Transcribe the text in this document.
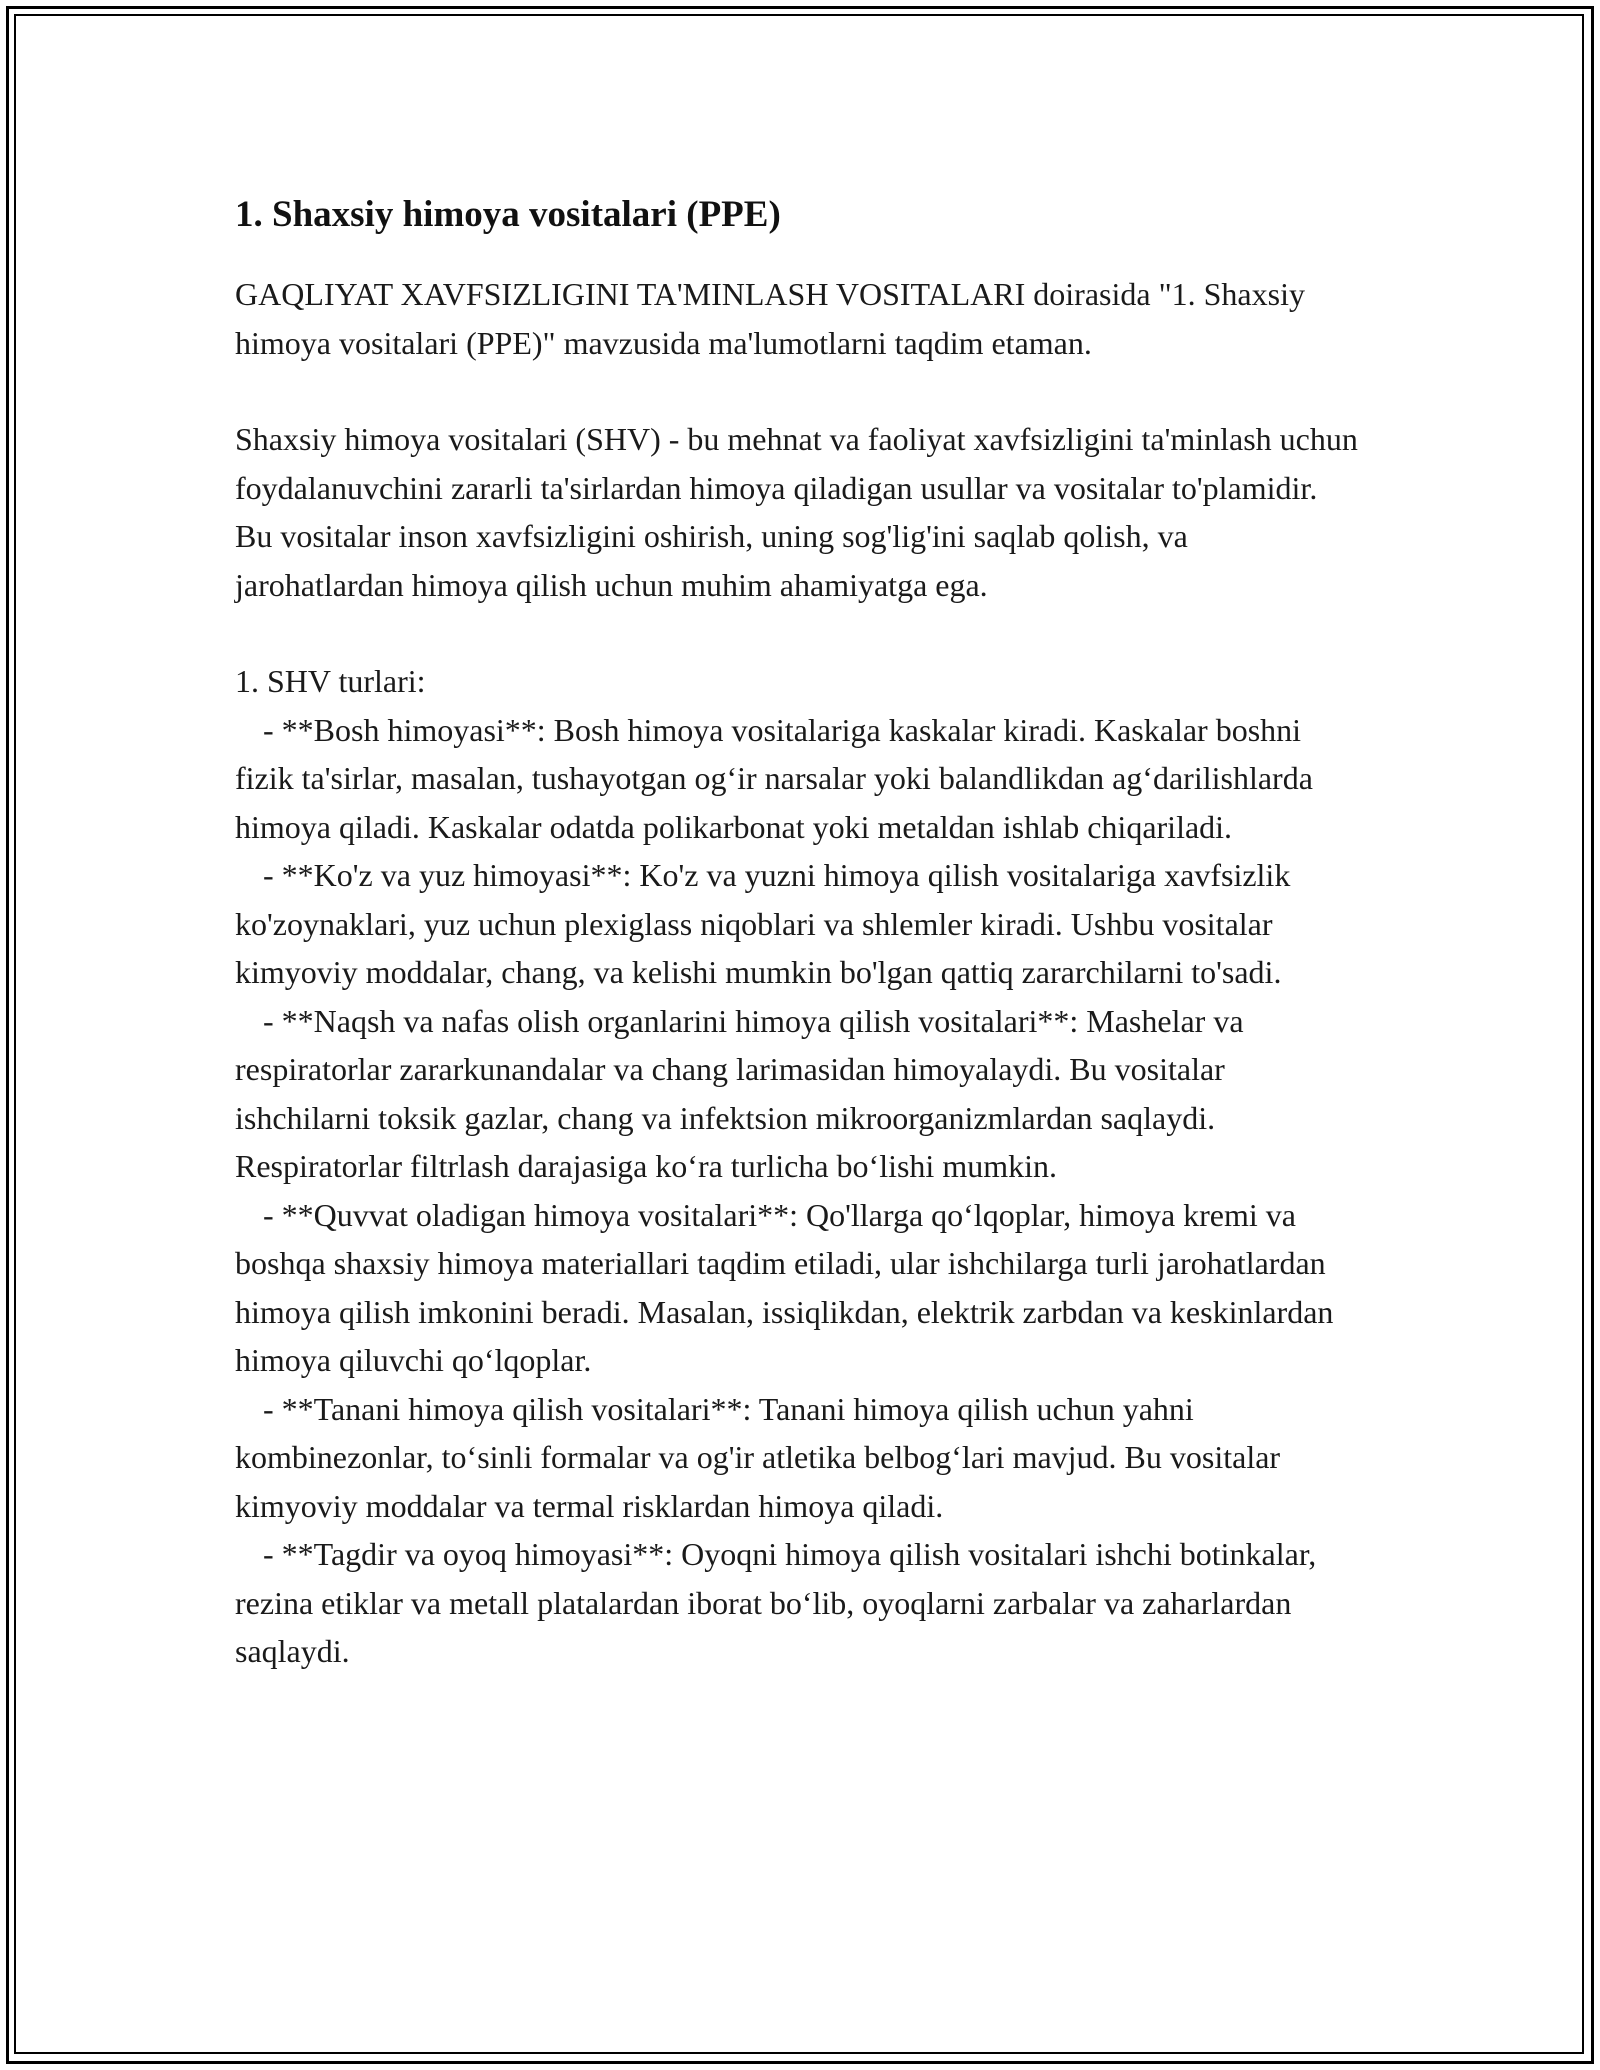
1. Shaxsiy himoya vositalari (PPE)

GAQLIYAT XAVFSIZLIGINI TA'MINLASH VOSITALARI doirasida "1. Shaxsiy himoya vositalari (PPE)" mavzusida ma'lumotlarni taqdim etaman.

Shaxsiy himoya vositalari (SHV) - bu mehnat va faoliyat xavfsizligini ta'minlash uchun foydalanuvchini zararli ta'sirlardan himoya qiladigan usullar va vositalar to'plamidir. Bu vositalar inson xavfsizligini oshirish, uning sog'lig'ini saqlab qolish, va jarohatlardan himoya qilish uchun muhim ahamiyatga ega.

1. SHV turlari:

- **Bosh himoyasi**: Bosh himoya vositalariga kaskalar kiradi. Kaskalar boshni fizik ta'sirlar, masalan, tushayotgan og‘ir narsalar yoki balandlikdan ag‘darilishlarda himoya qiladi. Kaskalar odatda polikarbonat yoki metaldan ishlab chiqariladi.

- **Ko'z va yuz himoyasi**: Ko'z va yuzni himoya qilish vositalariga xavfsizlik ko'zoynaklari, yuz uchun plexiglass niqoblari va shlemler kiradi. Ushbu vositalar kimyoviy moddalar, chang, va kelishi mumkin bo'lgan qattiq zararchilarni to'sadi.

- **Naqsh va nafas olish organlarini himoya qilish vositalari**: Mashelar va respiratorlar zararkunandalar va chang larimasidan himoyalaydi. Bu vositalar ishchilarni toksik gazlar, chang va infektsion mikroorganizmlardan saqlaydi. Respiratorlar filtrlash darajasiga ko‘ra turlicha bo‘lishi mumkin.

- **Quvvat oladigan himoya vositalari**: Qo'llarga qo‘lqoplar, himoya kremi va boshqa shaxsiy himoya materiallari taqdim etiladi, ular ishchilarga turli jarohatlardan himoya qilish imkonini beradi. Masalan, issiqlikdan, elektrik zarbdan va keskinlardan himoya qiluvchi qo‘lqoplar.

- **Tanani himoya qilish vositalari**: Tanani himoya qilish uchun yahni kombinezonlar, to‘sinli formalar va og'ir atletika belbog‘lari mavjud. Bu vositalar kimyoviy moddalar va termal risklardan himoya qiladi.

- **Tagdir va oyoq himoyasi**: Oyoqni himoya qilish vositalari ishchi botinkalar, rezina etiklar va metall platalardan iborat bo‘lib, oyoqlarni zarbalar va zaharlardan saqlaydi.
